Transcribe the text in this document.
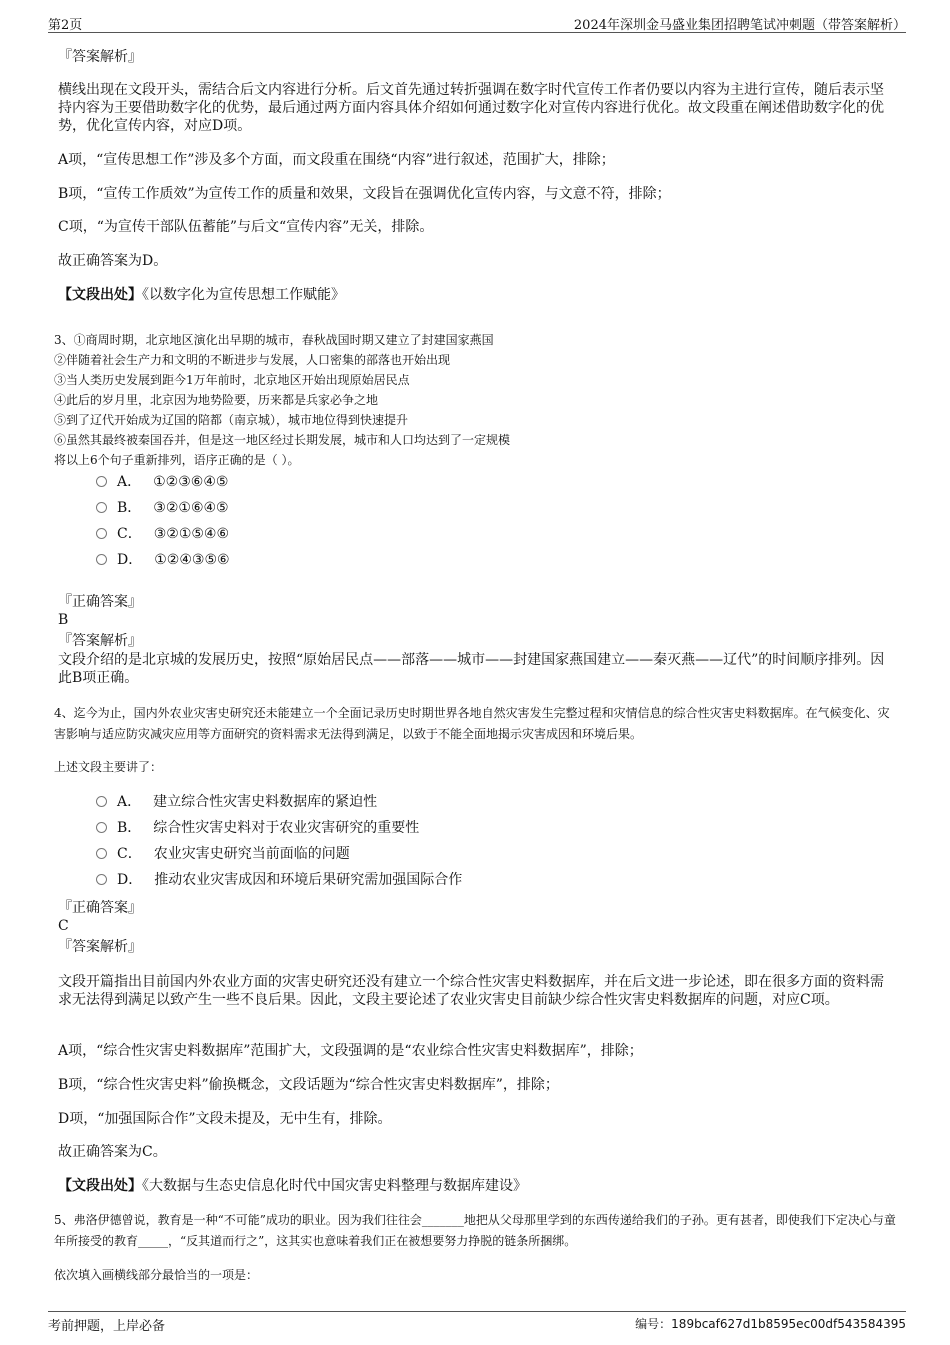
第2页	2024年深圳金马盛业集团招聘笔试冲刺题（带答案解析）
『答案解析』
横线出现在文段开头，需结合后文内容进行分析。后文首先通过转折强调在数字时代宣传工作者仍要以内容为主进行宣传，随后表示坚持内容为王要借助数字化的优势，最后通过两方面内容具体介绍如何通过数字化对宣传内容进行优化。故文段重在阐述借助数字化的优势，优化宣传内容，对应D项。
A项，“宣传思想工作”涉及多个方面，而文段重在围绕“内容”进行叙述，范围扩大，排除；
B项，“宣传工作质效”为宣传工作的质量和效果，文段旨在强调优化宣传内容，与文意不符，排除；
C项，“为宣传干部队伍蓄能”与后文“宣传内容”无关，排除。
故正确答案为D。
【文段出处】《以数字化为宣传思想工作赋能》
3、①商周时期，北京地区演化出早期的城市，春秋战国时期又建立了封建国家燕国
②伴随着社会生产力和文明的不断进步与发展，人口密集的部落也开始出现
③当人类历史发展到距今1万年前时，北京地区开始出现原始居民点
④此后的岁月里，北京因为地势险要，历来都是兵家必争之地
⑤到了辽代开始成为辽国的陪都（南京城），城市地位得到快速提升
⑥虽然其最终被秦国吞并，但是这一地区经过长期发展，城市和人口均达到了一定规模
将以上6个句子重新排列，语序正确的是（ ）。
A． ①②③⑥④⑤
B． ③②①⑥④⑤
C． ③②①⑤④⑥
D． ①②④③⑤⑥
『正确答案』
B
『答案解析』
文段介绍的是北京城的发展历史，按照“原始居民点——部落——城市——封建国家燕国建立——秦灭燕——辽代”的时间顺序排列。因此B项正确。
4、迄今为止，国内外农业灾害史研究还未能建立一个全面记录历史时期世界各地自然灾害发生完整过程和灾情信息的综合性灾害史料数据库。在气候变化、灾害影响与适应防灾减灾应用等方面研究的资料需求无法得到满足，以致于不能全面地揭示灾害成因和环境后果。
上述文段主要讲了：
A． 建立综合性灾害史料数据库的紧迫性
B． 综合性灾害史料对于农业灾害研究的重要性
C． 农业灾害史研究当前面临的问题
D． 推动农业灾害成因和环境后果研究需加强国际合作
『正确答案』
C
『答案解析』
文段开篇指出目前国内外农业方面的灾害史研究还没有建立一个综合性灾害史料数据库，并在后文进一步论述，即在很多方面的资料需求无法得到满足以致产生一些不良后果。因此，文段主要论述了农业灾害史目前缺少综合性灾害史料数据库的问题，对应C项。
A项，“综合性灾害史料数据库”范围扩大，文段强调的是“农业综合性灾害史料数据库”，排除；
B项，“综合性灾害史料”偷换概念，文段话题为“综合性灾害史料数据库”，排除；
D项，“加强国际合作”文段未提及，无中生有，排除。
故正确答案为C。
【文段出处】《大数据与生态史信息化时代中国灾害史料整理与数据库建设》
5、弗洛伊德曾说，教育是一种“不可能”成功的职业。因为我们往往会_______地把从父母那里学到的东西传递给我们的子孙。更有甚者，即使我们下定决心与童年所接受的教育_____，“反其道而行之”，这其实也意味着我们正在被想要努力挣脱的链条所捆绑。
依次填入画横线部分最恰当的一项是：
考前押题，上岸必备	编号：189bcaf627d1b8595ec00df543584395
